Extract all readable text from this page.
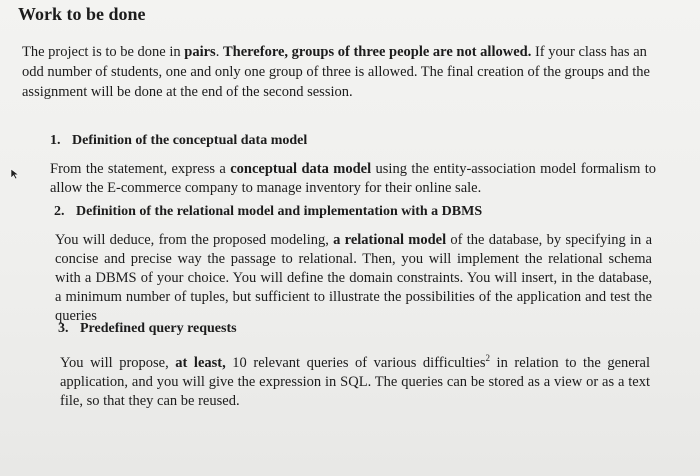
Work to be done

The project is to be done in pairs. Therefore, groups of three people are not allowed. If your class has an odd number of students, one and only one group of three is allowed. The final creation of the groups and the assignment will be done at the end of the second session.

1. Definition of the conceptual data model

From the statement, express a conceptual data model using the entity-association model formalism to allow the E-commerce company to manage inventory for their online sale.

2. Definition of the relational model and implementation with a DBMS

You will deduce, from the proposed modeling, a relational model of the database, by specifying in a concise and precise way the passage to relational. Then, you will implement the relational schema with a DBMS of your choice. You will define the domain constraints. You will insert, in the database, a minimum number of tuples, but sufficient to illustrate the possibilities of the application and test the queries

3. Predefined query requests

You will propose, at least, 10 relevant queries of various difficulties$^2$ in relation to the general application, and you will give the expression in SQL. The queries can be stored as a view or as a text file, so that they can be reused.
